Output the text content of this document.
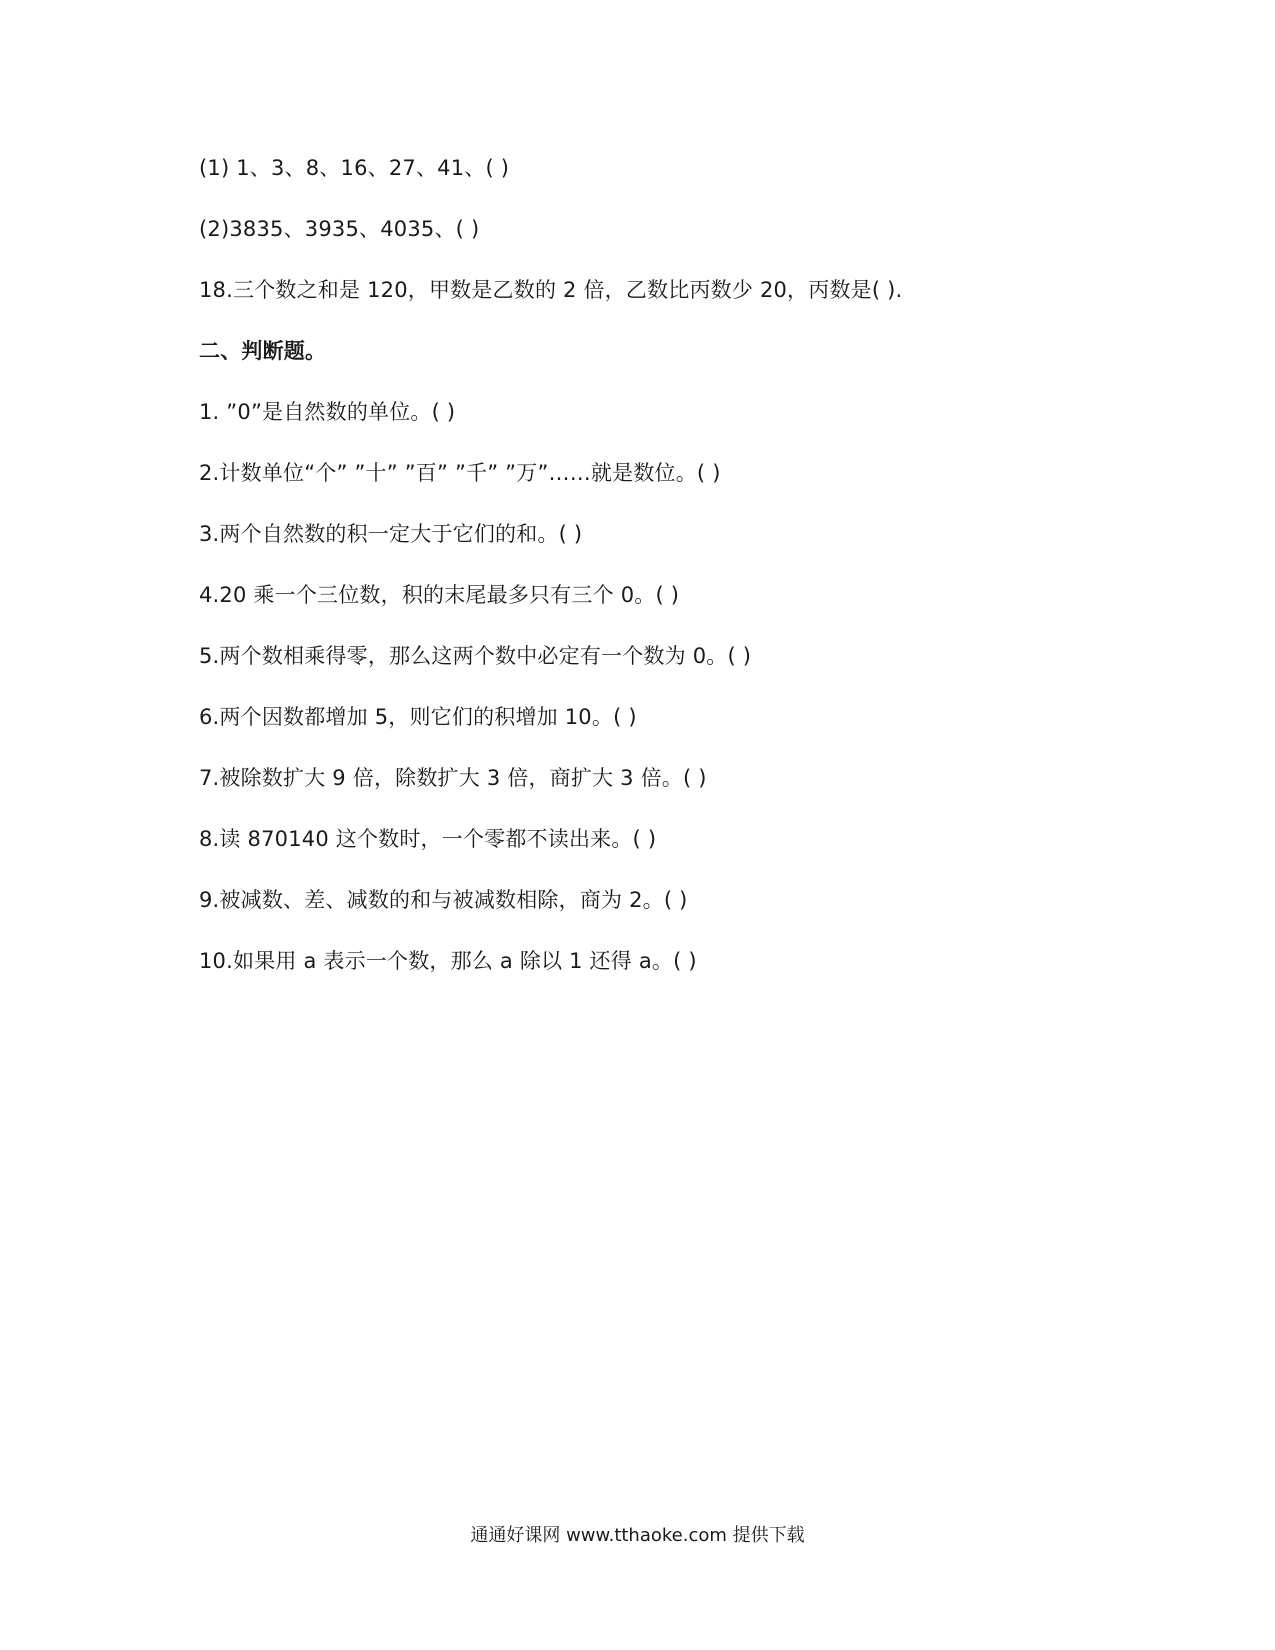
(1) 1、3、8、16、27、41、( )
(2)3835、3935、4035、( )
18.三个数之和是 120，甲数是乙数的 2 倍，乙数比丙数少 20，丙数是( ).
二、判断题。
1. ”0”是自然数的单位。( )
2.计数单位“个” ”十” ”百” ”千” ”万”……就是数位。( )
3.两个自然数的积一定大于它们的和。( )
4.20 乘一个三位数，积的末尾最多只有三个 0。( )
5.两个数相乘得零，那么这两个数中必定有一个数为 0。( )
6.两个因数都增加 5，则它们的积增加 10。( )
7.被除数扩大 9 倍，除数扩大 3 倍，商扩大 3 倍。( )
8.读 870140 这个数时，一个零都不读出来。( )
9.被减数、差、减数的和与被减数相除，商为 2。( )
10.如果用 a 表示一个数，那么 a 除以 1 还得 a。( )
通通好课网 www.tthaoke.com 提供下载
